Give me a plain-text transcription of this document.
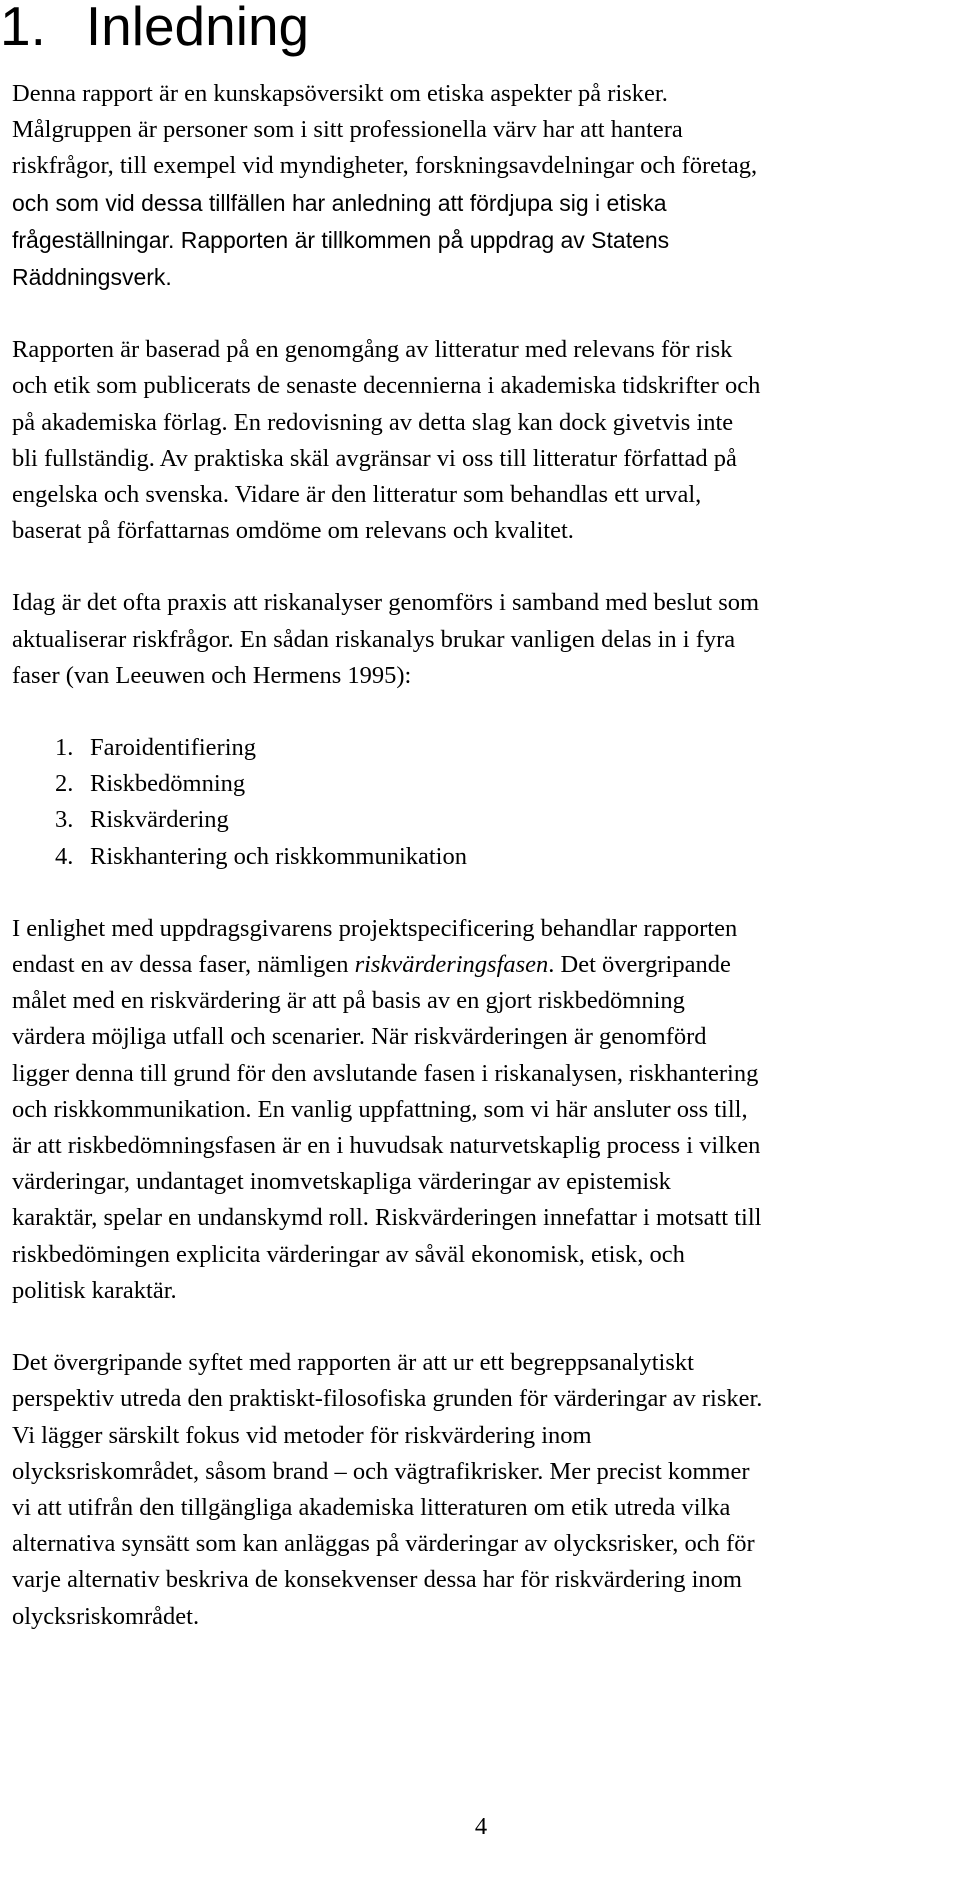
1. Inledning

Denna rapport är en kunskapsöversikt om etiska aspekter på risker.
Målgruppen är personer som i sitt professionella värv har att hantera
riskfrågor, till exempel vid myndigheter, forskningsavdelningar och företag,
och som vid dessa tillfällen har anledning att fördjupa sig i etiska
frågeställningar. Rapporten är tillkommen på uppdrag av Statens
Räddningsverk.

Rapporten är baserad på en genomgång av litteratur med relevans för risk
och etik som publicerats de senaste decennierna i akademiska tidskrifter och
på akademiska förlag. En redovisning av detta slag kan dock givetvis inte
bli fullständig. Av praktiska skäl avgränsar vi oss till litteratur författad på
engelska och svenska. Vidare är den litteratur som behandlas ett urval,
baserat på författarnas omdöme om relevans och kvalitet.

Idag är det ofta praxis att riskanalyser genomförs i samband med beslut som
aktualiserar riskfrågor. En sådan riskanalys brukar vanligen delas in i fyra
faser (van Leeuwen och Hermens 1995):

1. Faroidentifiering
2. Riskbedömning
3. Riskvärdering
4. Riskhantering och riskkommunikation

I enlighet med uppdragsgivarens projektspecificering behandlar rapporten
endast en av dessa faser, nämligen riskvärderingsfasen. Det övergripande
målet med en riskvärdering är att på basis av en gjort riskbedömning
värdera möjliga utfall och scenarier. När riskvärderingen är genomförd
ligger denna till grund för den avslutande fasen i riskanalysen, riskhantering
och riskkommunikation. En vanlig uppfattning, som vi här ansluter oss till,
är att riskbedömningsfasen är en i huvudsak naturvetskaplig process i vilken
värderingar, undantaget inomvetskapliga värderingar av epistemisk
karaktär, spelar en undanskymd roll. Riskvärderingen innefattar i motsatt till
riskbedömingen explicita värderingar av såväl ekonomisk, etisk, och
politisk karaktär.

Det övergripande syftet med rapporten är att ur ett begreppsanalytiskt
perspektiv utreda den praktiskt-filosofiska grunden för värderingar av risker.
Vi lägger särskilt fokus vid metoder för riskvärdering inom
olycksriskområdet, såsom brand – och vägtrafikrisker. Mer precist kommer
vi att utifrån den tillgängliga akademiska litteraturen om etik utreda vilka
alternativa synsätt som kan anläggas på värderingar av olycksrisker, och för
varje alternativ beskriva de konsekvenser dessa har för riskvärdering inom
olycksriskområdet.

4
